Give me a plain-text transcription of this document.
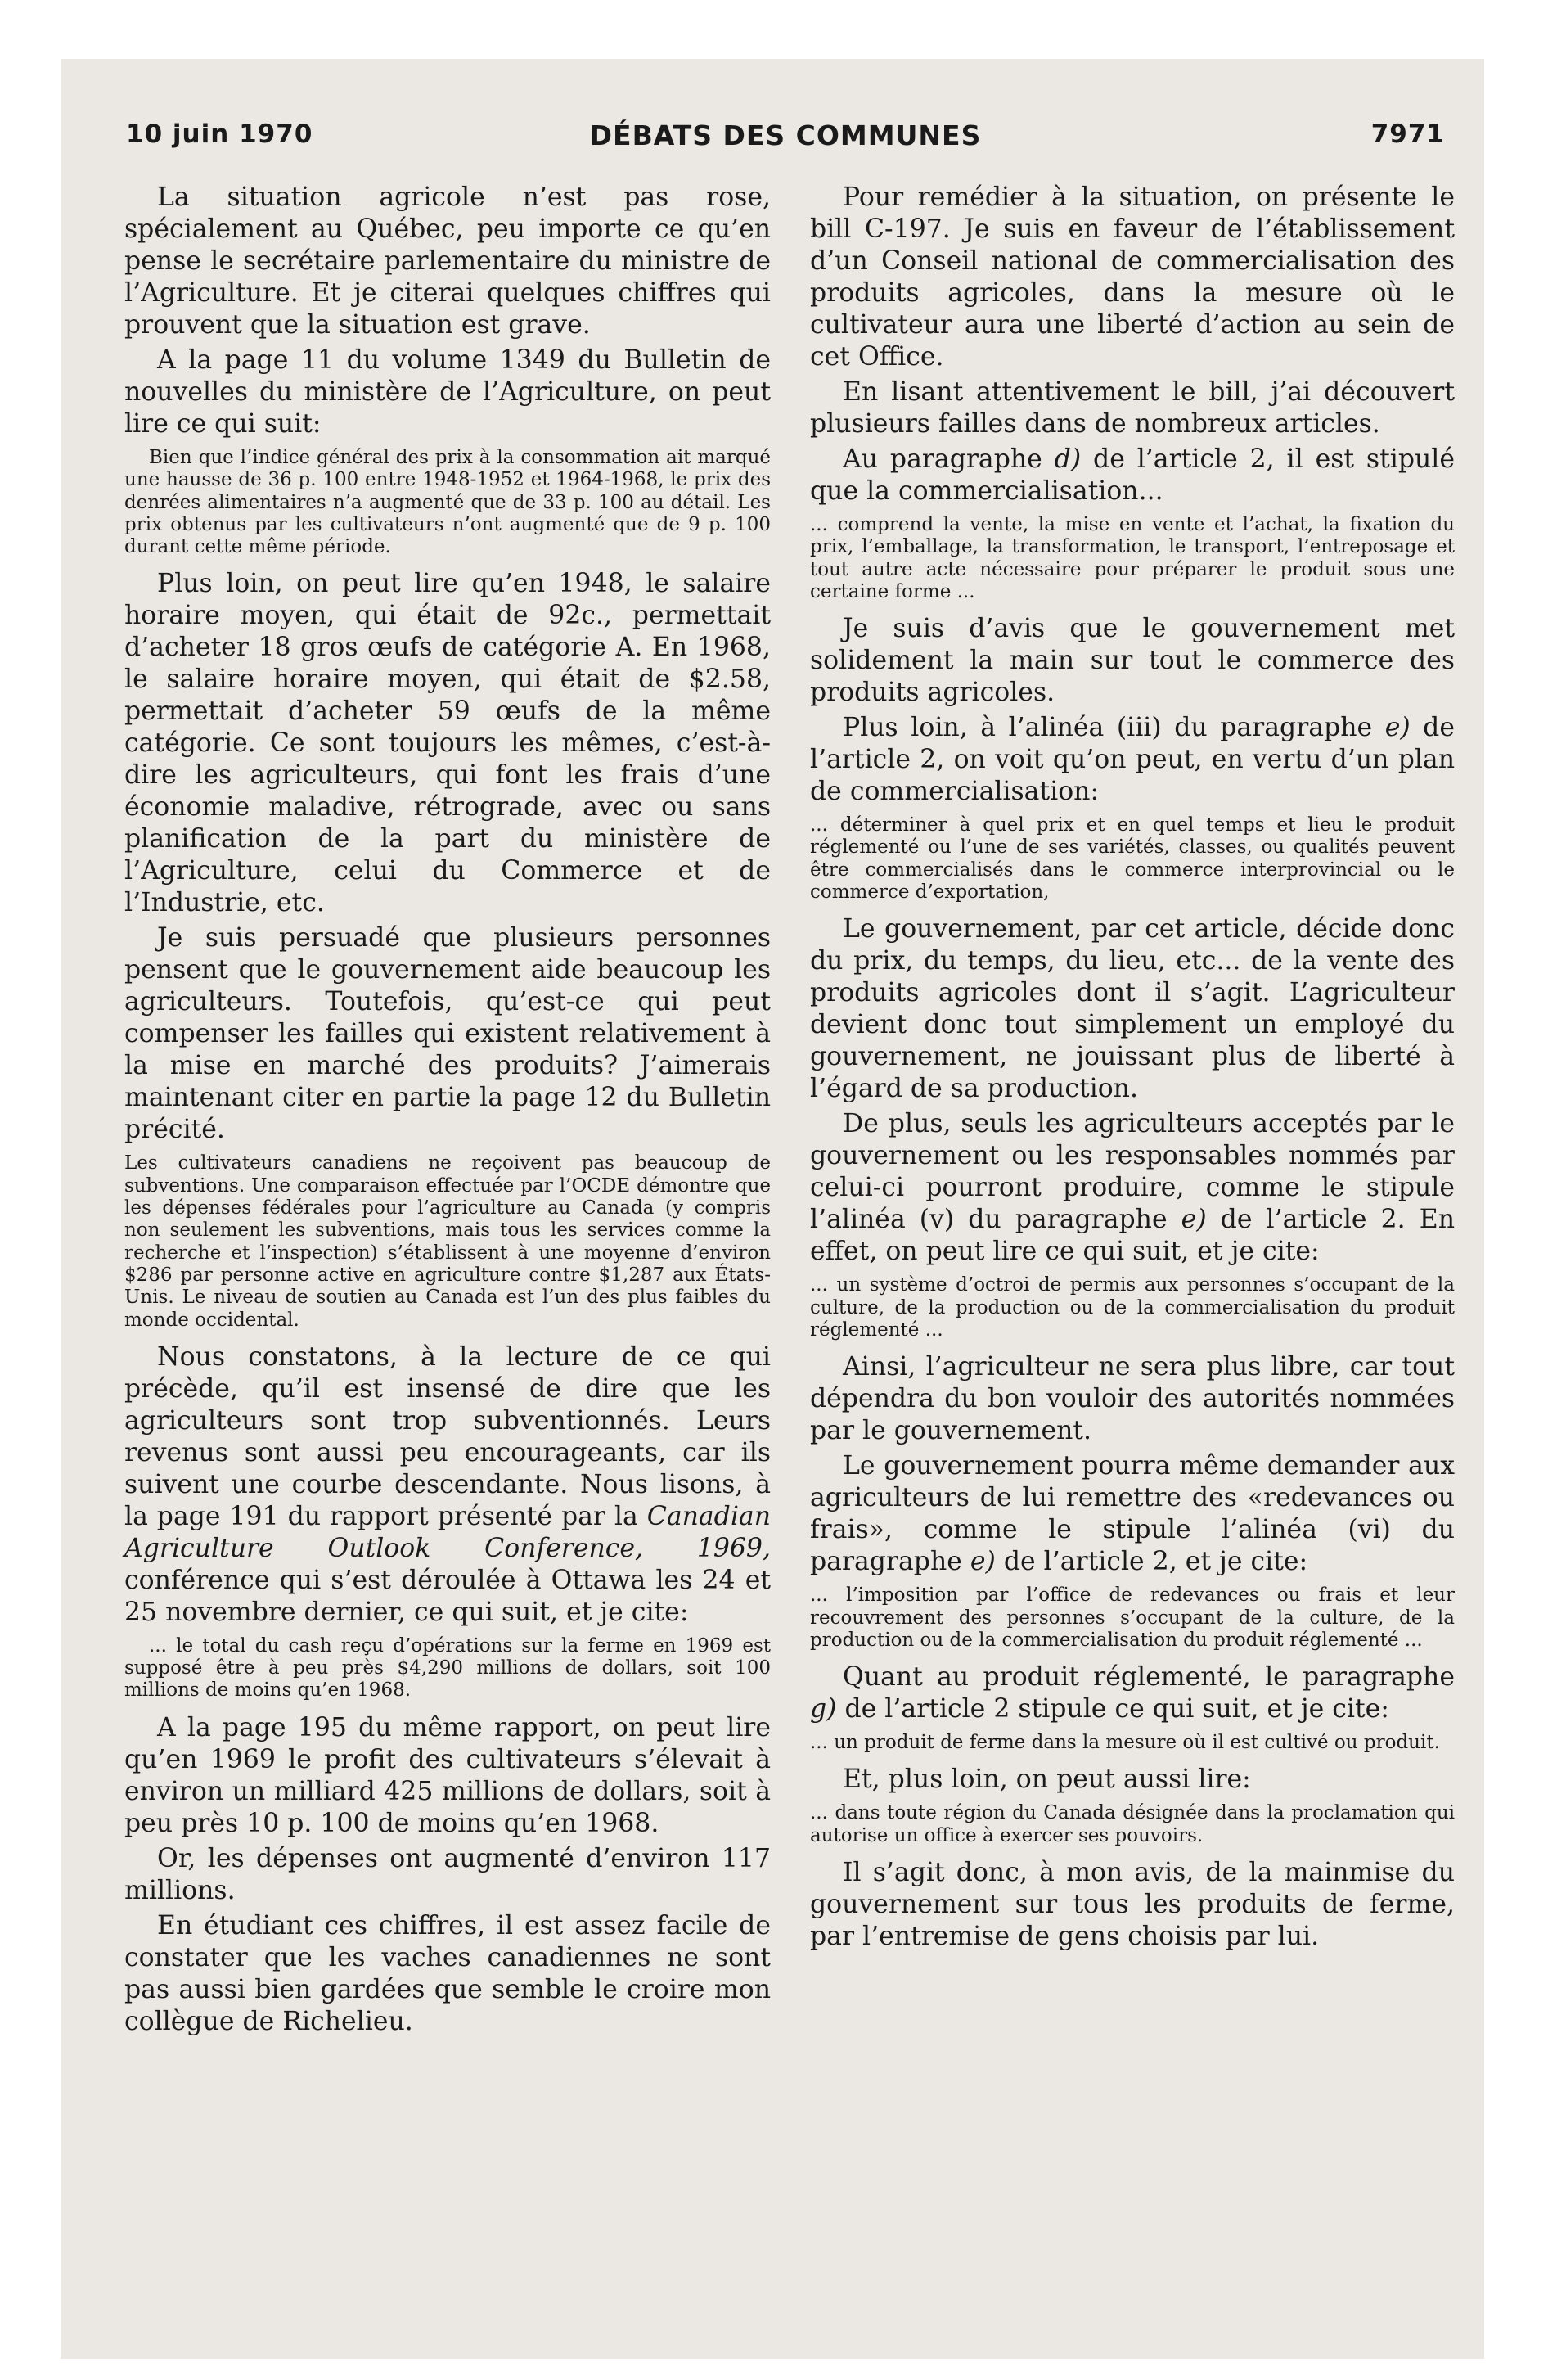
10 juin 1970	DÉBATS DES COMMUNES	7971

La situation agricole n’est pas rose, spécialement au Québec, peu importe ce qu’en pense le secrétaire parlementaire du ministre de l’Agriculture. Et je citerai quelques chiffres qui prouvent que la situation est grave.

A la page 11 du volume 1349 du Bulletin de nouvelles du ministère de l’Agriculture, on peut lire ce qui suit:

Bien que l’indice général des prix à la consommation ait marqué une hausse de 36 p. 100 entre 1948-1952 et 1964-1968, le prix des denrées alimentaires n’a augmenté que de 33 p. 100 au détail. Les prix obtenus par les cultivateurs n’ont augmenté que de 9 p. 100 durant cette même période.

Plus loin, on peut lire qu’en 1948, le salaire horaire moyen, qui était de 92c., permettait d’acheter 18 gros œufs de catégorie A. En 1968, le salaire horaire moyen, qui était de $2.58, permettait d’acheter 59 œufs de la même catégorie. Ce sont toujours les mêmes, c’est-à-dire les agriculteurs, qui font les frais d’une économie maladive, rétrograde, avec ou sans planification de la part du ministère de l’Agriculture, celui du Commerce et de l’Industrie, etc.

Je suis persuadé que plusieurs personnes pensent que le gouvernement aide beaucoup les agriculteurs. Toutefois, qu’est-ce qui peut compenser les failles qui existent relativement à la mise en marché des produits? J’aimerais maintenant citer en partie la page 12 du Bulletin précité.

Les cultivateurs canadiens ne reçoivent pas beaucoup de subventions. Une comparaison effectuée par l’OCDE démontre que les dépenses fédérales pour l’agriculture au Canada (y compris non seulement les subventions, mais tous les services comme la recherche et l’inspection) s’établissent à une moyenne d’environ $286 par personne active en agriculture contre $1,287 aux États-Unis. Le niveau de soutien au Canada est l’un des plus faibles du monde occidental.

Nous constatons, à la lecture de ce qui précède, qu’il est insensé de dire que les agriculteurs sont trop subventionnés. Leurs revenus sont aussi peu encourageants, car ils suivent une courbe descendante. Nous lisons, à la page 191 du rapport présenté par la Canadian Agriculture Outlook Conference, 1969, conférence qui s’est déroulée à Ottawa les 24 et 25 novembre dernier, ce qui suit, et je cite:

... le total du cash reçu d’opérations sur la ferme en 1969 est supposé être à peu près $4,290 millions de dollars, soit 100 millions de moins qu’en 1968.

A la page 195 du même rapport, on peut lire qu’en 1969 le profit des cultivateurs s’élevait à environ un milliard 425 millions de dollars, soit à peu près 10 p. 100 de moins qu’en 1968.

Or, les dépenses ont augmenté d’environ 117 millions.

En étudiant ces chiffres, il est assez facile de constater que les vaches canadiennes ne sont pas aussi bien gardées que semble le croire mon collègue de Richelieu.

Pour remédier à la situation, on présente le bill C-197. Je suis en faveur de l’établissement d’un Conseil national de commercialisation des produits agricoles, dans la mesure où le cultivateur aura une liberté d’action au sein de cet Office.

En lisant attentivement le bill, j’ai découvert plusieurs failles dans de nombreux articles.

Au paragraphe d) de l’article 2, il est stipulé que la commercialisation...

... comprend la vente, la mise en vente et l’achat, la fixation du prix, l’emballage, la transformation, le transport, l’entreposage et tout autre acte nécessaire pour préparer le produit sous une certaine forme ...

Je suis d’avis que le gouvernement met solidement la main sur tout le commerce des produits agricoles.

Plus loin, à l’alinéa (iii) du paragraphe e) de l’article 2, on voit qu’on peut, en vertu d’un plan de commercialisation:

... déterminer à quel prix et en quel temps et lieu le produit réglementé ou l’une de ses variétés, classes, ou qualités peuvent être commercialisés dans le commerce interprovincial ou le commerce d’exportation,

Le gouvernement, par cet article, décide donc du prix, du temps, du lieu, etc... de la vente des produits agricoles dont il s’agit. L’agriculteur devient donc tout simplement un employé du gouvernement, ne jouissant plus de liberté à l’égard de sa production.

De plus, seuls les agriculteurs acceptés par le gouvernement ou les responsables nommés par celui-ci pourront produire, comme le stipule l’alinéa (v) du paragraphe e) de l’article 2. En effet, on peut lire ce qui suit, et je cite:

... un système d’octroi de permis aux personnes s’occupant de la culture, de la production ou de la commercialisation du produit réglementé ...

Ainsi, l’agriculteur ne sera plus libre, car tout dépendra du bon vouloir des autorités nommées par le gouvernement.

Le gouvernement pourra même demander aux agriculteurs de lui remettre des «redevances ou frais», comme le stipule l’alinéa (vi) du paragraphe e) de l’article 2, et je cite:

... l’imposition par l’office de redevances ou frais et leur recouvrement des personnes s’occupant de la culture, de la production ou de la commercialisation du produit réglementé ...

Quant au produit réglementé, le paragraphe g) de l’article 2 stipule ce qui suit, et je cite:

... un produit de ferme dans la mesure où il est cultivé ou produit.

Et, plus loin, on peut aussi lire:

... dans toute région du Canada désignée dans la proclamation qui autorise un office à exercer ses pouvoirs.

Il s’agit donc, à mon avis, de la mainmise du gouvernement sur tous les produits de ferme, par l’entremise de gens choisis par lui.
